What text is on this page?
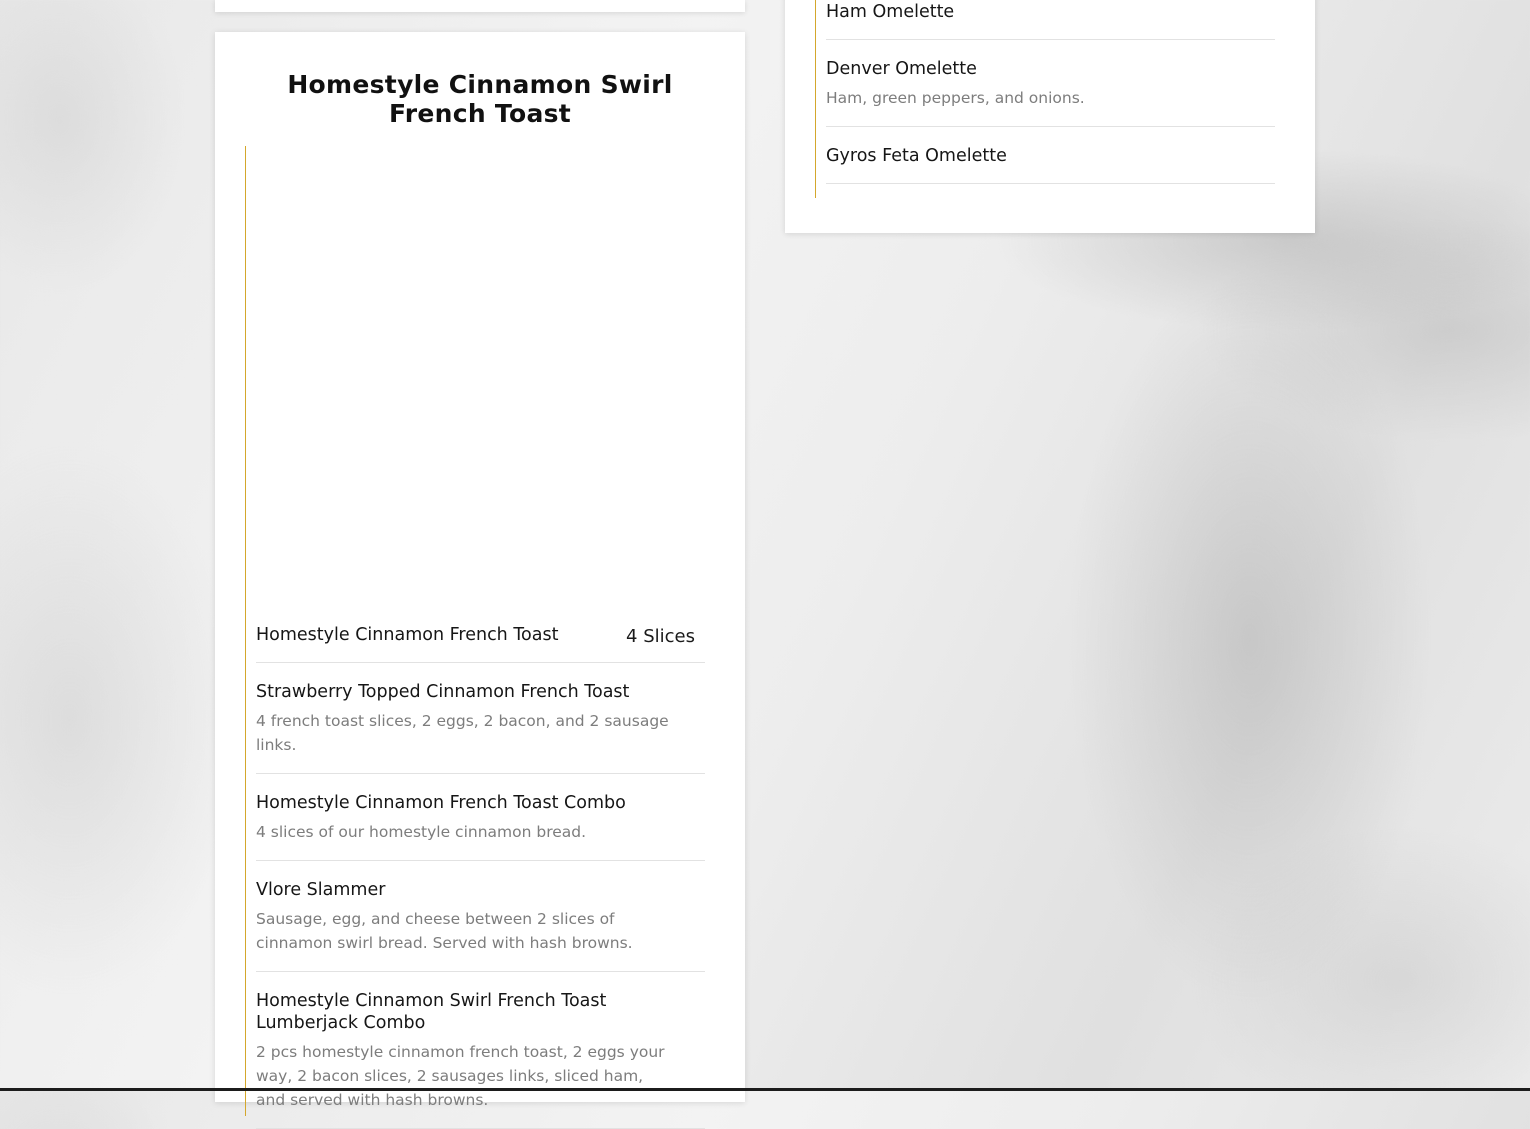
Homestyle Cinnamon Swirl French Toast
Homestyle Cinnamon French Toast	4 Slices
Strawberry Topped Cinnamon French Toast
4 french toast slices, 2 eggs, 2 bacon, and 2 sausage links.
Homestyle Cinnamon French Toast Combo
4 slices of our homestyle cinnamon bread.
Vlore Slammer
Sausage, egg, and cheese between 2 slices of cinnamon swirl bread. Served with hash browns.
Homestyle Cinnamon Swirl French Toast Lumberjack Combo
2 pcs homestyle cinnamon french toast, 2 eggs your way, 2 bacon slices, 2 sausages links, sliced ham, and served with hash browns.
Ham Omelette
Denver Omelette
Ham, green peppers, and onions.
Gyros Feta Omelette
